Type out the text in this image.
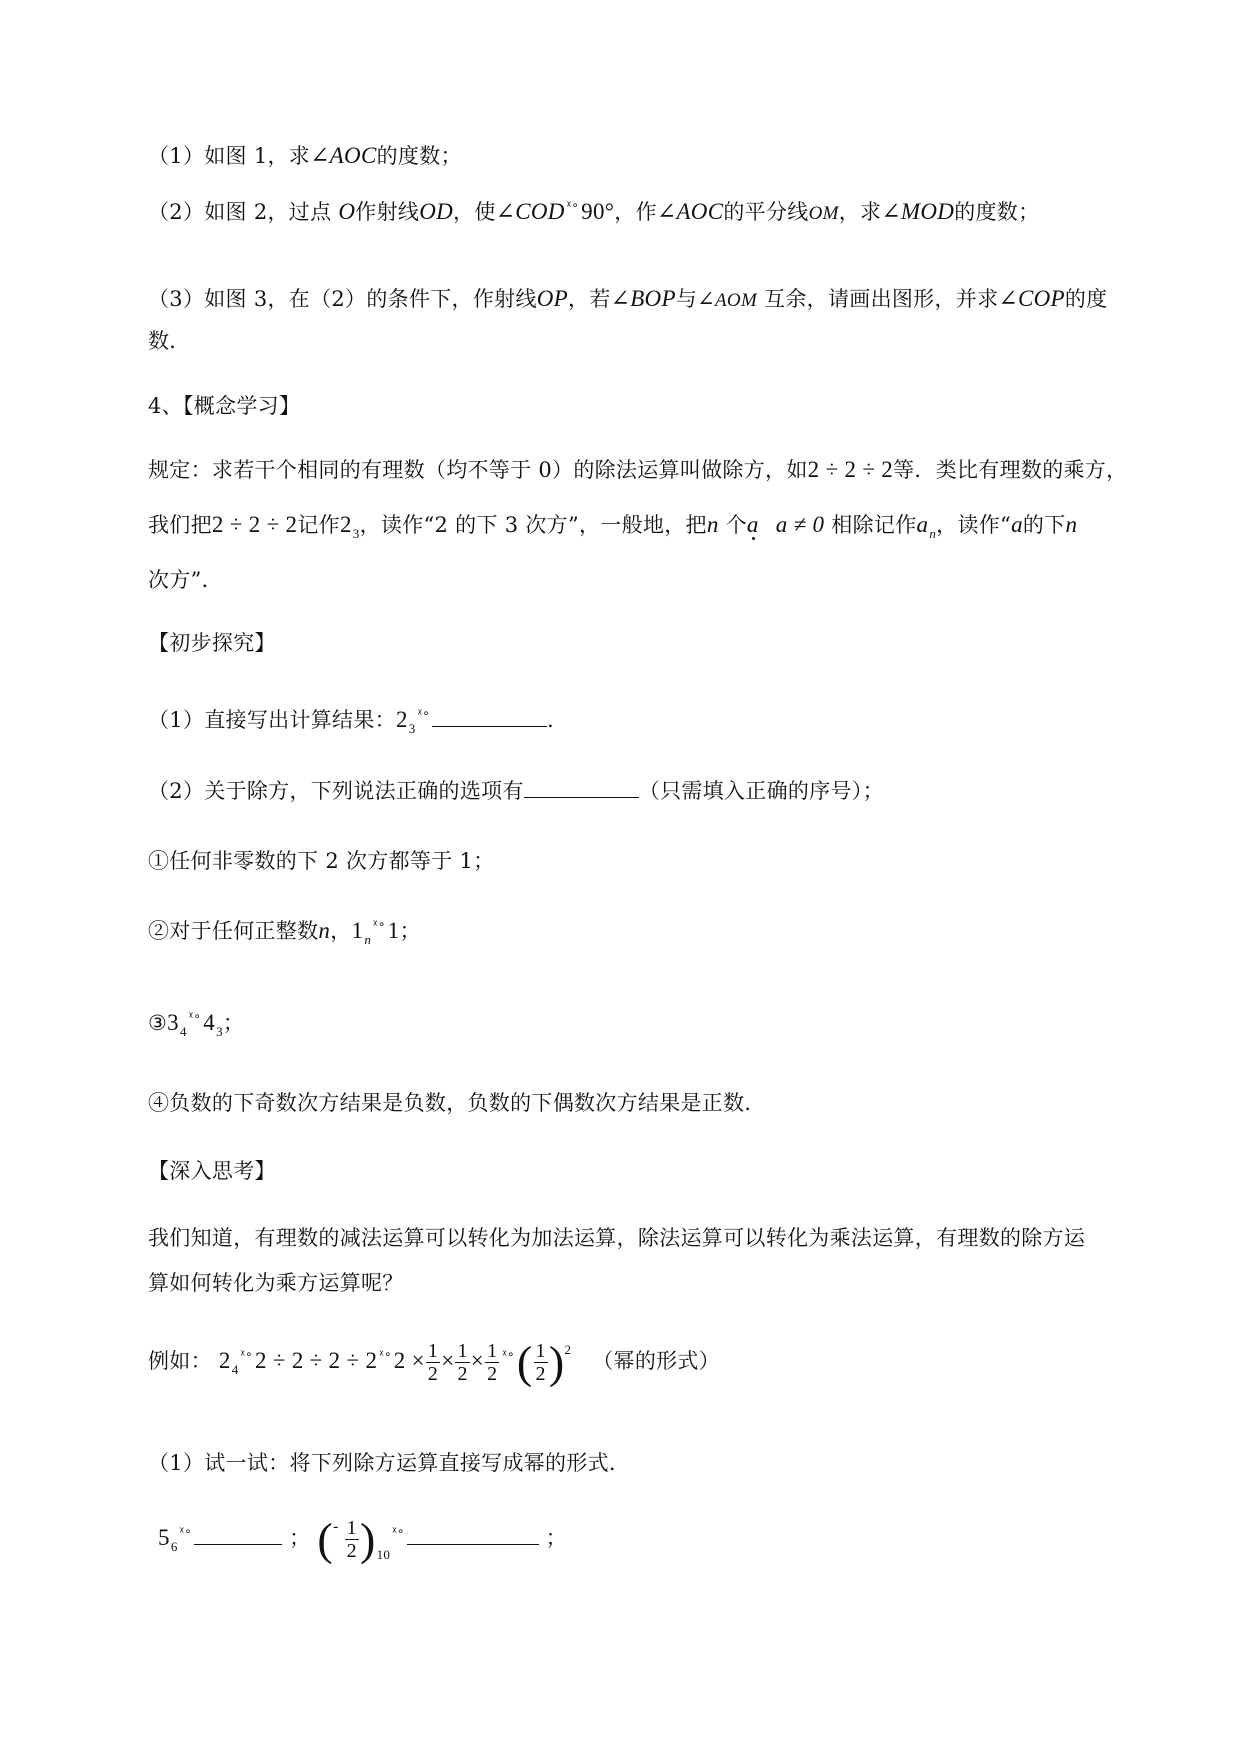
（1）如图 1，求∠AOC的度数；
（2）如图 2，过点 O作射线OD，使∠COD $^{ᵡ\circ}$90°，作∠AOC的平分线OM，求∠MOD的度数；
（3）如图 3，在（2）的条件下，作射线OP，若∠BOP与∠AOM 互余，请画出图形，并求∠COP的度
数．
4、【概念学习】
规定：求若干个相同的有理数（均不等于 0）的除法运算叫做除方，如2 ÷ 2 ÷ 2等．类比有理数的乘方，
我们把2 ÷ 2 ÷ 2记作$2_3$，读作“2 的下 3 次方”，一般地，把n 个a a ≠ 0 相除记作$a_n$，读作“a的下n
次方”．
【初步探究】
（1）直接写出计算结果：$2_3^{ᵡ\circ}$	．
（2）关于除方，下列说法正确的选项有	（只需填入正确的序号）；
①任何非零数的下 2 次方都等于 1；
②对于任何正整数n，$1_n^{ᵡ\circ}1$；
$③3_4^{ᵡ\circ}4_3$；
④负数的下奇数次方结果是负数，负数的下偶数次方结果是正数．
【深入思考】
我们知道，有理数的减法运算可以转化为加法运算，除法运算可以转化为乘法运算，有理数的除方运
算如何转化为乘方运算呢？
例如： $2_4^{ᵡ\circ}2 \div 2 \div 2 \div 2$ $^{ᵡ\circ}2 \times \frac{1}{2} \times \frac{1}{2} \times \frac{1}{2} ^{ᵡ\circ}( \frac{1}{2} )^2$ （幂的形式）
（1）试一试：将下列除方运算直接写成幂的形式．
$5_6^{ᵡ\circ}$	； $(^- \frac{1}{2} )_{10}^{ᵡ\circ}$	；
